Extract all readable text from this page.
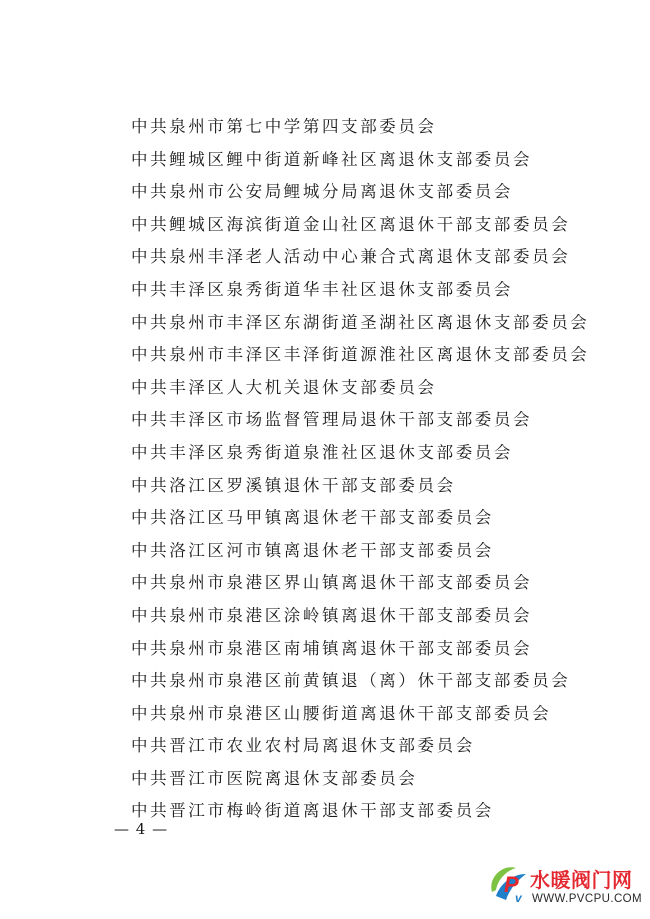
中共泉州市第七中学第四支部委员会
中共鲤城区鲤中街道新峰社区离退休支部委员会
中共泉州市公安局鲤城分局离退休支部委员会
中共鲤城区海滨街道金山社区离退休干部支部委员会
中共泉州丰泽老人活动中心兼合式离退休支部委员会
中共丰泽区泉秀街道华丰社区退休支部委员会
中共泉州市丰泽区东湖街道圣湖社区离退休支部委员会
中共泉州市丰泽区丰泽街道源淮社区离退休支部委员会
中共丰泽区人大机关退休支部委员会
中共丰泽区市场监督管理局退休干部支部委员会
中共丰泽区泉秀街道泉淮社区退休支部委员会
中共洛江区罗溪镇退休干部支部委员会
中共洛江区马甲镇离退休老干部支部委员会
中共洛江区河市镇离退休老干部支部委员会
中共泉州市泉港区界山镇离退休干部支部委员会
中共泉州市泉港区涂岭镇离退休干部支部委员会
中共泉州市泉港区南埔镇离退休干部支部委员会
中共泉州市泉港区前黄镇退（离）休干部支部委员会
中共泉州市泉港区山腰街道离退休干部支部委员会
中共晋江市农业农村局离退休支部委员会
中共晋江市医院离退休支部委员会
中共晋江市梅岭街道离退休干部支部委员会
— 4 —
P
v
水暖阀门网
WWW.PVCPU.COM
